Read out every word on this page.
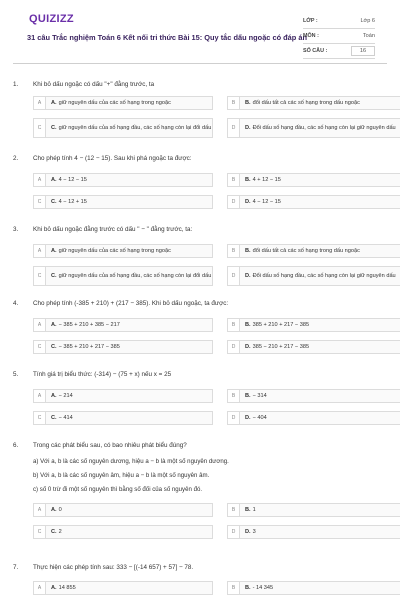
QUIZIZZ
31 câu Trắc nghiệm Toán 6 Kết nối tri thức Bài 15: Quy tắc dấu ngoặc có đáp án
LỚP :	Lớp 6
MÔN :	Toán
SỐ CÂU :	16
1.	Khi bỏ dấu ngoặc có dấu "+" đằng trước, ta
A	A. giữ nguyên dấu của các số hạng trong ngoặc	B	B. đổi dấu tất cả các số hạng trong dấu ngoặc
C	C. giữ nguyên dấu của số hạng đầu, các số hạng còn lại đổi dấu	D	D. Đổi dấu số hạng đầu, các số hạng còn lại giữ nguyên dấu
2.	Cho phép tính 4 − (12 − 15). Sau khi phá ngoặc ta được:
A	A. 4 − 12 − 15	B	B. 4 + 12 − 15
C	C. 4 − 12 + 15	D	D. 4 − 12 − 15
3.	Khi bỏ dấu ngoặc đằng trước có dấu " − " đằng trước, ta:
A	A. giữ nguyên dấu của các số hạng trong ngoặc	B	B. đổi dấu tất cả các số hạng trong dấu ngoặc
C	C. giữ nguyên dấu của số hạng đầu, các số hạng còn lại đổi dấu	D	D. Đổi dấu số hạng đầu, các số hạng còn lại giữ nguyên dấu
4.	Cho phép tính (-385 + 210) + (217 − 385). Khi bỏ dấu ngoặc, ta được:
A	A. − 385 + 210 + 385 − 217	B	B. 385 + 210 + 217 − 385
C	C. − 385 + 210 + 217 − 385	D	D. 385 − 210 + 217 − 385
5.	Tính giá trị biểu thức: (-314) − (75 + x) nếu x = 25
A	A. − 214	B	B. − 314
C	C. − 414	D	D. − 404
6.	Trong các phát biểu sau, có bao nhiêu phát biểu đúng?
a) Với a, b là các số nguyên dương, hiệu a − b là một số nguyên dương.
b) Với a, b là các số nguyên âm, hiệu a − b là một số nguyên âm.
c) số 0 trừ đi một số nguyên thì bằng số đối của số nguyên đó.
A	A. 0	B	B. 1
C	C. 2	D	D. 3
7.	Thực hiện các phép tính sau: 333 − [(-14 657) + 57] − 78.
A	A. 14 855	B	B. - 14 345
